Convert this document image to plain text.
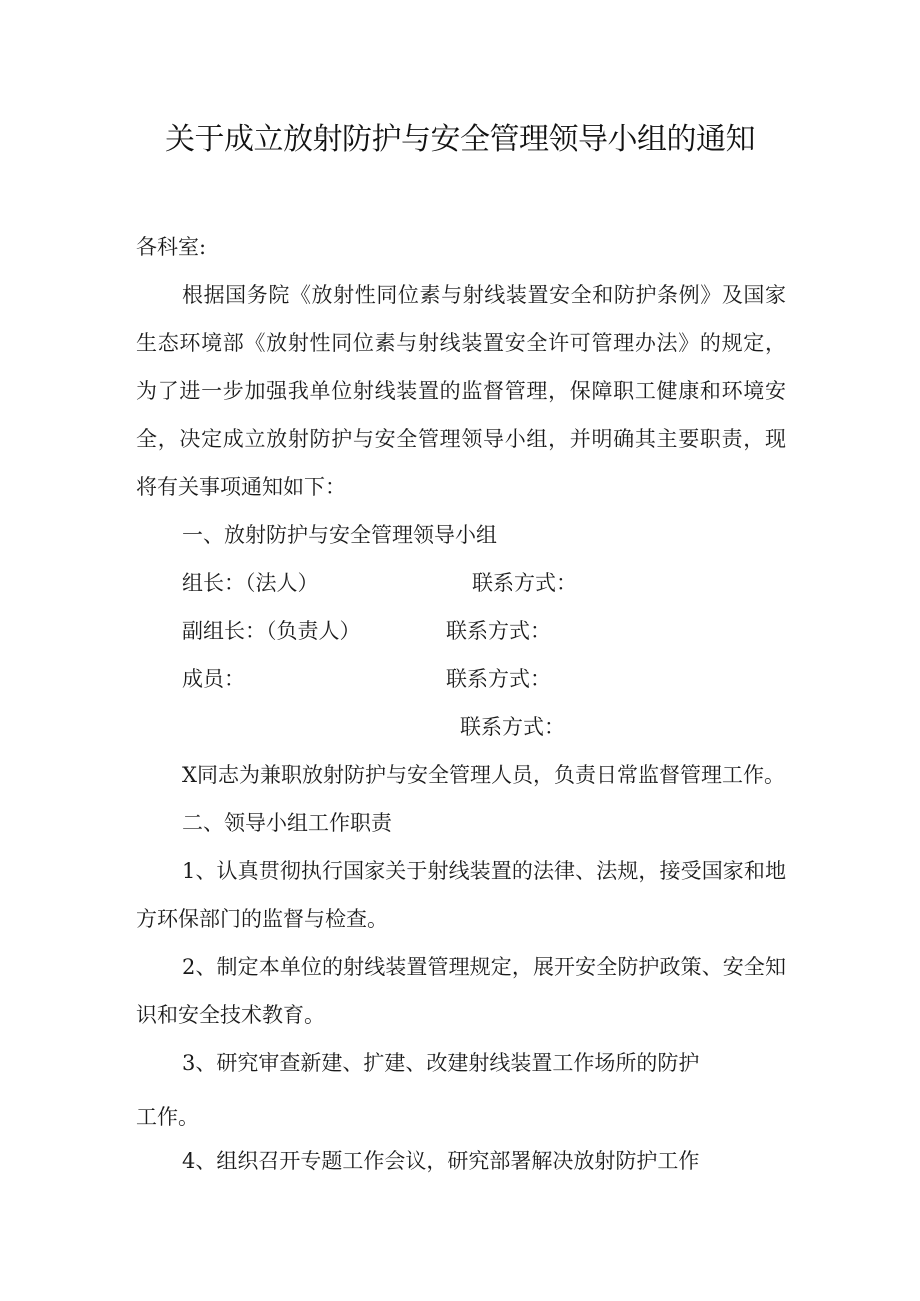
关于成立放射防护与安全管理领导小组的通知
各科室:
根据国务院《放射性同位素与射线装置安全和防护条例》及国家
生态环境部《放射性同位素与射线装置安全许可管理办法》的规定，
为了进一步加强我单位射线装置的监督管理，保障职工健康和环境安
全，决定成立放射防护与安全管理领导小组，并明确其主要职责，现
将有关事项通知如下：
一、放射防护与安全管理领导小组
组长：（法人）	联系方式：
副组长：（负责人）	联系方式：
成员：	联系方式：
联系方式：
X同志为兼职放射防护与安全管理人员，负责日常监督管理工作。
二、领导小组工作职责
1、认真贯彻执行国家关于射线装置的法律、法规，接受国家和地
方环保部门的监督与检查。
2、制定本单位的射线装置管理规定，展开安全防护政策、安全知
识和安全技术教育。
3、研究审查新建、扩建、改建射线装置工作场所的防护
工作。
4、组织召开专题工作会议，研究部署解决放射防护工作
